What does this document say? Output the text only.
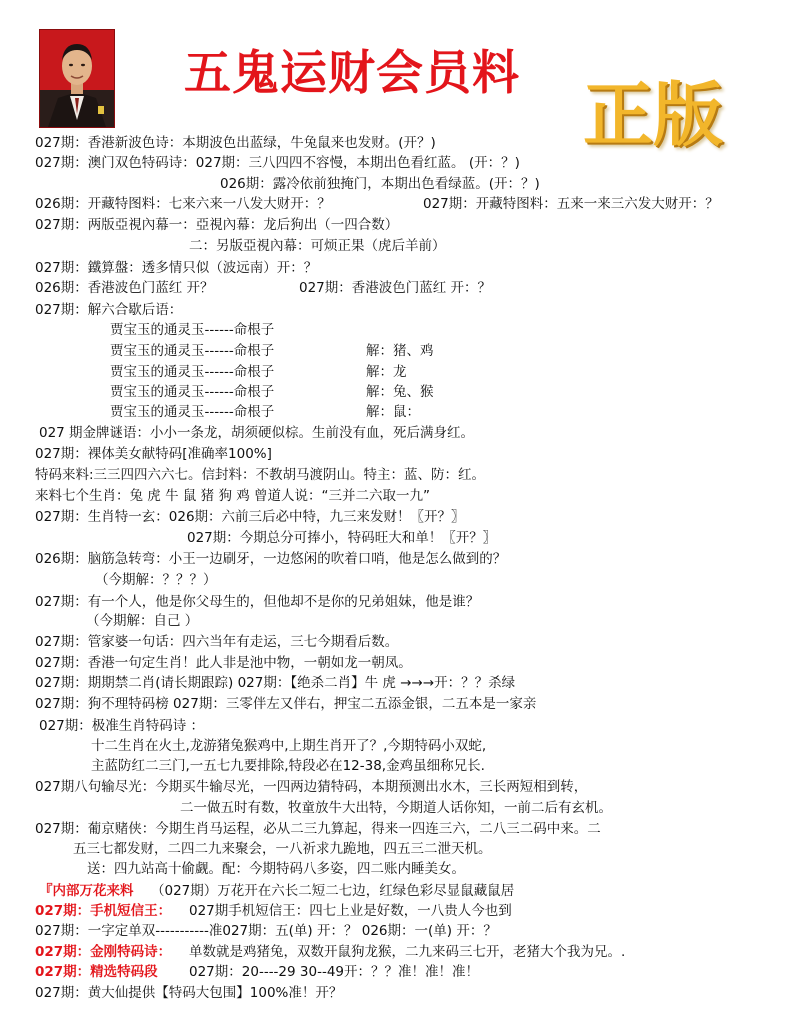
五鬼运财会员料 正版
027期：香港新波色诗：本期波色出蓝绿，牛兔鼠来也发财。(开？)
027期：澳门双色特码诗：027期：三八四四不容慢，本期出色看红蓝。 (开：？)
026期：露冷依前独掩门，本期出色看绿蓝。(开：？)
026期：开藏特图料：七来六来一八发大财开：？	027期：开藏特图料：五来一来三六发大财开：？
027期：两版亞視內幕一：亞視內幕：龙后狗出（一四合数）
二：另版亞視內幕：可烦正果（虎后羊前）
027期：鐵算盤：透多情只似（波远南）开：？
026期：香港波色门蓝红 开？	027期：香港波色门蓝红 开：？
027期：解六合歇后语：
贾宝玉的通灵玉------命根子
贾宝玉的通灵玉------命根子	解：猪、鸡
贾宝玉的通灵玉------命根子	解：龙
贾宝玉的通灵玉------命根子	解：兔、猴
贾宝玉的通灵玉------命根子	解：鼠：
027 期金牌谜语：小小一条龙，胡须硬似棕。生前没有血，死后满身红。
027期：裸体美女献特码[准确率100%]
特码来料:三三四四六六七。信封料：不教胡马渡阴山。特主：蓝、防：红。
来料七个生肖：兔 虎 牛 鼠 猪 狗 鸡 曾道人说：“三并二六取一九”
027期：生肖特一玄：026期：六前三后必中特，九三来发财！〖开？〗
027期：今期总分可捧小，特码旺大和单！〖开？〗
026期：脑筋急转弯：小王一边刷牙，一边悠闲的吹着口哨，他是怎么做到的？
（今期解：？？？）
027期：有一个人，他是你父母生的，但他却不是你的兄弟姐妹，他是谁？
（今期解：自己 ）
027期：管家婆一句话：四六当年有走运，三七今期看后数。
027期：香港一句定生肖！此人非是池中物，一朝如龙一朝凤。
027期：期期禁二肖(请长期跟踪) 027期：【绝杀二肖】牛 虎 →→→开：？？杀绿
027期：狗不理特码榜 027期：三零伴左又伴右，押宝二五添金银，二五本是一家亲
027期：极准生肖特码诗 ：
十二生肖在火土,龙游猪兔猴鸡中,上期生肖开了？,今期特码小双蛇,
主蓝防红二三门,一五七九要排除,特段必在12-38,金鸡虽细称兄长.
027期八句输尽光：今期买牛输尽光，一四两边猜特码，本期预测出水木，三长两短相到转，
二一做五时有数，牧童放牛大出特，今期道人话你知，一前二后有玄机。
027期：葡京赌侠：今期生肖马运程，必从二三九算起，得来一四连三六，二八三二码中来。二
五三七都发财，二四二九来聚会，一八祈求九跪地，四五三二泄天机。
送：四九站高十偷觑。配：今期特码八多姿，四二账内睡美女。
『内部万花来料 （027期）万花开在六长二短二七边，红绿色彩尽显鼠藏鼠居
027期：手机短信王： 027期手机短信王：四七上业是好数，一八贵人今也到
027期：一字定单双-----------准027期：五(单) 开：？ 026期：一(单) 开：？
027期：金刚特码诗： 单数就是鸡猪兔，双数开鼠狗龙猴，二九来码三七开，老猪大个我为兄。.
027期：精选特码段 027期：20----29 30--49开：？？准！准！准！
027期：黄大仙提供【特码大包围】100%准！开？
